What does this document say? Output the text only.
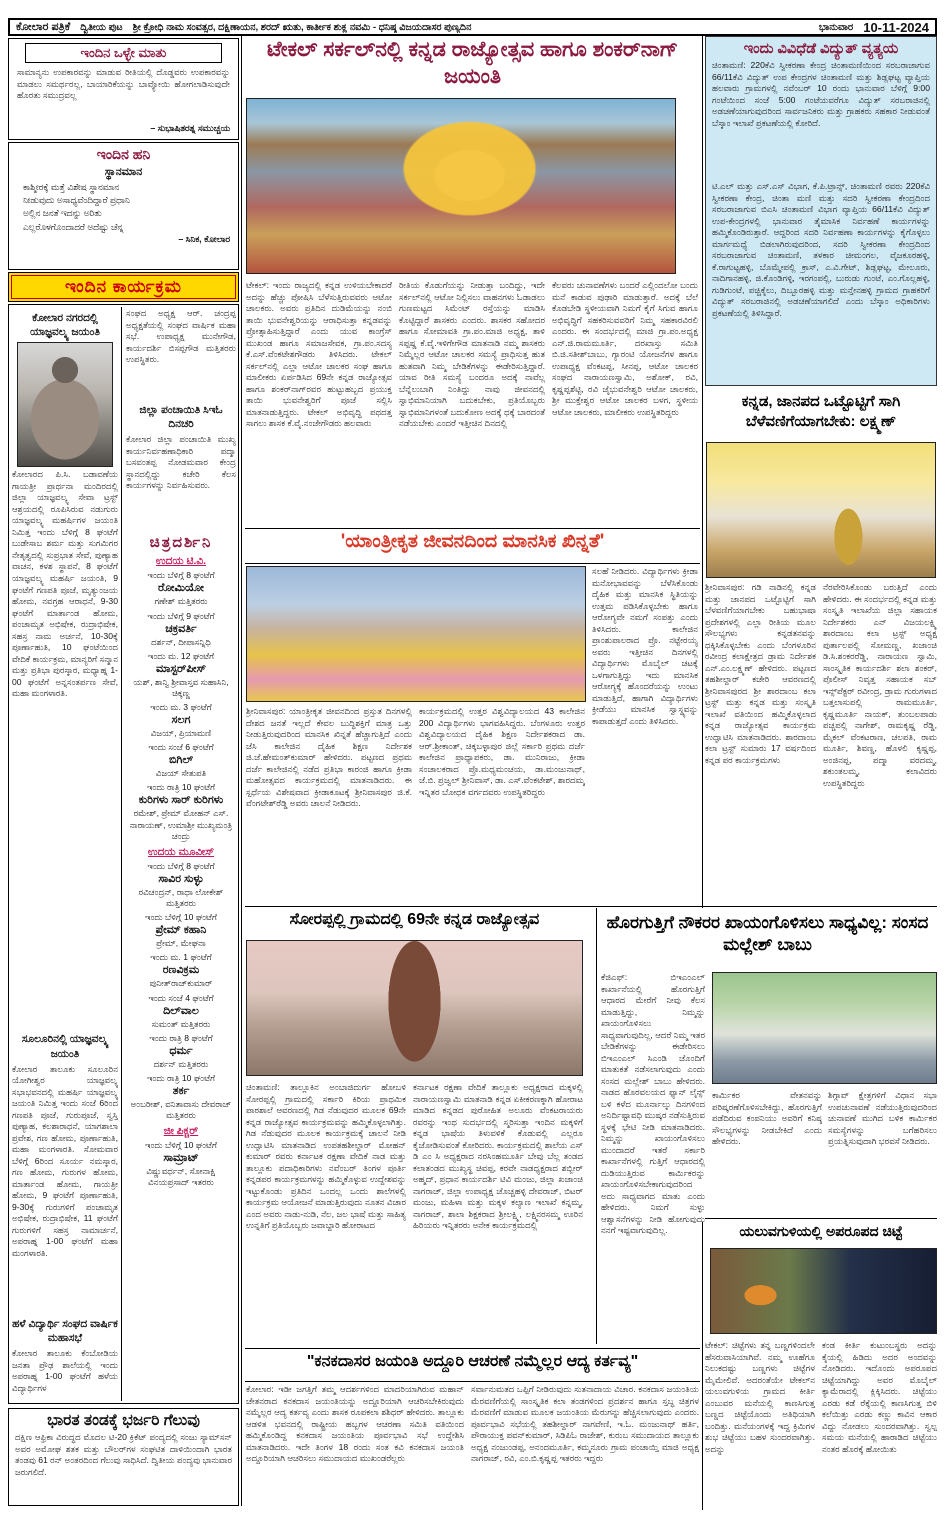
ಕೋಲಾರ ಪತ್ರಿಕೆ ದ್ವಿತೀಯ ಪುಟ ಶ್ರೀ ಕ್ರೋಧಿ ನಾಮ ಸಂವತ್ಸರ, ದಕ್ಷಿಣಾಯನ, ಶರದ್ ಋತು, ಕಾರ್ತೀಕ ಶುಕ್ಲ ನವಮಿ - ಧನಿಷ್ಠ ವಿಜಯದಾಸರ ಪುಣ್ಯದಿನ	ಭಾನುವಾರ 10-11-2024
ಇಂದಿನ ಒಳ್ಳೇ ಮಾತು
ಸಾಮಾನ್ಯನು ಉಪಕಾರವನ್ನು ಮಾಡುವ ರೀತಿಯಲ್ಲಿ ದೊಡ್ಡವರು ಉಪಕಾರವನ್ನು ಮಾಡಲು ಸಮರ್ಥರಲ್ಲ, ಬಾಯಾರಿಕೆಯನ್ನು ಬಾವ್ಯೋಯಿ ಹೋಗಲಾಡಿಸುವುದೇ ಹೊರತು ಸಮುದ್ರವಲ್ಲ
– ಸುಭಾಷಿತರತ್ನ ಸಮುಚ್ಚಯ
ಇಂದಿನ ಹನಿ
ಸ್ಥಾನಮಾನ
ಕಾಶ್ಮೀರಕ್ಕೆ ಮತ್ತೆ ವಿಶೇಷ ಸ್ಥಾನಮಾನ
ನೀಡುವುದು ಅಸಾಧ್ಯವೆಂದಿದ್ದಾರೆ ಪ್ರಧಾನಿ
ಅಲ್ಲಿನ ಜನತೆ ಇದನ್ನು ಅರಿತು
ಎಲ್ಲರೊಳಗೊಂದಾದರೆ ಅದೆಷ್ಟು ಚೆನ್ನ
– ಸಿನಿಕ, ಕೋಲಾರ
ಇಂದಿನ ಕಾರ್ಯಕ್ರಮ
ಕೋಲಾರ ನಗರದಲ್ಲಿ ಯಾಜ್ಞವಲ್ಕ್ಯ ಜಯಂತಿ
ಕೋಲಾರದ ಪಿ.ಸಿ. ಬಡಾವಣೆಯ ಗಾಯತ್ರೀ ಪ್ರಾರ್ಥನಾ ಮಂದಿರದಲ್ಲಿ ಜಿಲ್ಲಾ ಯಾಜ್ಞವಲ್ಕ್ಯ ಸೇವಾ ಟ್ರಸ್ಟ್ ಆಶ್ರಯದಲ್ಲಿ ರೂಪಿಸಿರುವ ನಡುಗುರು ಯಾಜ್ಞವಲ್ಕ್ಯ ಮಹರ್ಷಿಗಳ ಜಯಂತಿ ನಿಮಿತ್ತ ಇಂದು ಬೆಳಿಗ್ಗೆ 8 ಘಂಟೆಗೆ ಬುಡೇಸಾಬ ಶರ್ಮ ಮತ್ತು ಸುಗಮಿಗರ ನೇತೃತ್ವದಲ್ಲಿ ಸುಪ್ರಭಾತ ಸೇವೆ, ಪುಣ್ಯಾಹ ವಾಚನ, ಕಳಶ ಸ್ಥಾಪನೆ, 8 ಘಂಟೆಗೆ ಯಾಜ್ಞವಲ್ಕ್ಯ ಮಹರ್ಷಿ ಜಯಂತಿ, 9 ಘಂಟೆಗೆ ಗಣಪತಿ ಪೂಜೆ, ಮೃತ್ಯುಂಜಯ ಹೋಮ, ನವಗ್ರಹ ಆರಾಧನೆ, 9-30 ಘಂಟೆಗೆ ಮಾರ್ತಾಂಡ ಹೋಮ, ಪಂಚಾಮೃತ ಅಭಿಷೇಕ, ರುದ್ರಾಭಿಷೇಕ, ಸಹಸ್ರ ನಾಮ ಅರ್ಚನೆ, 10-30ಕ್ಕೆ ಪೂರ್ಣಾಹುತಿ, 10 ಘಂಟೆಯಿಂದ ವೇದಿಕೆ ಕಾರ್ಯಕ್ರಮ, ಮಾನ್ಯರಿಗೆ ಸನ್ಮಾನ ಮತ್ತು ಪ್ರತಿಭಾ ಪುರಸ್ಕಾರ, ಮಧ್ಯಾಹ್ನ 1-00 ಘಂಟೆಗೆ ಅನ್ನಸಂತರ್ಪಣ ಸೇವೆ, ಮಹಾ ಮಂಗಳಾರತಿ.
ಸೂಲೂರಿನಲ್ಲಿ ಯಾಜ್ಞವಲ್ಕ್ಯ ಜಯಂತಿ
ಕೋಲಾರ ತಾಲೂಕು ಸೂಲೂರಿನ ಯೋಗೀಶ್ವರ ಯಾಜ್ಞವಲ್ಕ್ಯ ಸಭಾಭವನದಲ್ಲಿ ಮಹರ್ಷಿ ಯಾಜ್ಞವಲ್ಕ್ಯ ಜಯಂತಿ ನಿಮಿತ್ತ ಇಂದು ಸಂಜೆ 6ರಿಂದ ಗಣಪತಿ ಪೂಜೆ, ಗುರುಪೂಜೆ, ಸ್ವಸ್ತಿ ಪುಣ್ಯಾಹ, ಕಲಶಾರಾಧನೆ, ಯಾಗಶಾಲಾ ಪ್ರವೇಶ, ಗಣ ಹೋಮ, ಪೂರ್ಣಾಹುತಿ, ಮಹಾ ಮಂಗಳಾರತಿ. ಸೋಮವಾರ ಬೆಳಿಗ್ಗೆ 6ರಿಂದ ಸೂರ್ಯ ನಮಸ್ಕಾರ, ಗಣ ಹೋಮ, ಗುರುಗಳ ಹೋಮ, ಮಾರ್ತಾಂಡ ಹೋಮ, ಗಾಯತ್ರೀ ಹೋಮ, 9 ಘಂಟೆಗೆ ಪೂರ್ಣಾಹುತಿ, 9-30ಕ್ಕೆ ಗುರುಗಳಿಗೆ ಪಂಚಾಮೃತ ಅಭಿಷೇಕ, ರುದ್ರಾಭಿಷೇಕ, 11 ಘಂಟೆಗೆ ಗುರುಗಳಿಗೆ ಸಹಸ್ರ ನಾಮಾರ್ಚನೆ, ಅಪರಾಹ್ನ 1-00 ಘಂಟೆಗೆ ಮಹಾ ಮಂಗಳಾರತಿ.
ಹಳೆ ವಿದ್ಯಾರ್ಥಿ ಸಂಘದ ವಾರ್ಷಿಕ ಮಹಾಸಭೆ
ಕೋಲಾರ ತಾಲೂಕು ಕೆಂಬೋಡಿಯ ಜನತಾ ಪ್ರೌಢ ಶಾಲೆಯಲ್ಲಿ ಇಂದು ಅಪರಾಹ್ನ 1-00 ಘಂಟೆಗೆ ಹಳೆಯ ವಿದ್ಯಾರ್ಥಿಗಳ
ಸಂಘದ ಅಧ್ಯಕ್ಷ ಆರ್. ಚಂದ್ರಪ್ಪ ಅಧ್ಯಕ್ಷತೆಯಲ್ಲಿ ಸಂಘದ ವಾರ್ಷಿಕ ಮಹಾ ಸಭೆ. ಉಪಾಧ್ಯಕ್ಷ ಮುನೇಗೌಡ, ಕಾರ್ಯದರ್ಶಿ ಬಿಸಪ್ಪಗೌಡ ಮತ್ತಿತರರು ಉಪಸ್ಥಿತರು.
ಜಿಲ್ಲಾ ಪಂಚಾಯಿತಿ ಸಿಇಓ ದಿನಚರಿ
ಕೋಲಾರ ಜಿಲ್ಲಾ ಪಂಚಾಯಿತಿ ಮುಖ್ಯ ಕಾರ್ಯನಿರ್ವಹಣಾಧಿಕಾರಿ ಪದ್ಮಾ ಬಸವಂತಪ್ಪ ನೋಡಮವಾರ ಕೇಂದ್ರ ಸ್ಥಾನದಲ್ಲಿದ್ದು ಕಚೇರಿ ಕೆಲಸ ಕಾರ್ಯಗಳನ್ನು ನಿರ್ವಹಿಸುವರು.
ಚಿತ್ರದರ್ಶಿನಿ
ಉದಯ ಟಿ.ವಿ.
ಇಂದು ಬೆಳಿಗ್ಗೆ 8 ಘಂಟೆಗೆ
ರೋಮಿಯೋ
ಗಣೇಶ್ ಮತ್ತಿತರರು
ಇಂದು ಬೆಳಿಗ್ಗೆ 9 ಘಂಟೆಗೆ
ಚಕ್ರವರ್ತಿ
ದರ್ಶನ್, ದೀಪಾಸನ್ನಿಧಿ
ಇಂದು ಮ. 12 ಘಂಟೆಗೆ
ಮಾಸ್ಟರ್‌ಪೀಸ್
ಯಶ್, ಶಾನ್ವಿ ಶ್ರೀವಾಸ್ತವ ಸುಹಾಸಿನಿ, ಚಿಕ್ಕಣ್ಣ
ಇಂದು ಮ. 3 ಘಂಟೆಗೆ
ಸಲಗ
ವಿಜಯ್, ಪ್ರಿಯಾಮಣಿ
ಇಂದು ಸಂಜೆ 6 ಘಂಟೆಗೆ
ಬಿಗಿಲ್
ವಿಜಯ್ ಸೇತುಪತಿ
ಇಂದು ರಾತ್ರಿ 10 ಘಂಟೆಗೆ
ಕುರಿಗಳು ಸಾರ್ ಕುರಿಗಳು
ರಮೇಶ್, ಪ್ರೇಮ್ ಮೋಹನ್ ಎಸ್. ನಾರಾಯಣ್, ಉಮಾಶ್ರೀ ಮುಖ್ಯಮಂತ್ರಿ ಚಂದ್ರು
ಉದಯ ಮೂವೀಸ್
ಇಂದು ಬೆಳಿಗ್ಗೆ 8 ಘಂಟೆಗೆ
ಸಾವಿರ ಸುಳ್ಳು
ರವಿಚಂದ್ರನ್, ರಾಧಾ ಲೋಕೇಶ್ ಮತ್ತಿತರರು
ಇಂದು ಬೆಳಿಗ್ಗೆ 10 ಘಂಟೆಗೆ
ಪ್ರೇಮ್ ಕಹಾನಿ
ಪ್ರೇಮ್, ಮೇಘನಾ
ಇಂದು ಮ. 1 ಘಂಟೆಗೆ
ರಣವಿಕ್ರಮ
ಪುನೀತ್‌ರಾಜ್‌ಕುಮಾರ್
ಇಂದು ಸಂಜೆ 4 ಘಂಟೆಗೆ
ದಿಲ್‌ವಾಲ
ಸುಮಂತ್ ಮತ್ತಿತರರು
ಇಂದು ರಾತ್ರಿ 8 ಘಂಟೆಗೆ
ಧರ್ಮ
ದರ್ಶನ್ ಮತ್ತಿತರರು
ಇಂದು ರಾತ್ರಿ 10 ಘಂಟೆಗೆ
ತರ್ಕ
ಅಂಬರೀಶ್, ವನಿತಾವಾಸು ದೇವರಾಜ್ ಮತ್ತಿತರರು
ಜೀ ಪಿಕ್ಚರ್
ಇಂದು ಬೆಳಿಗ್ಗೆ 10 ಘಂಟೆಗೆ
ಸಾಮ್ರಾಟ್
ವಿಷ್ಣುವರ್ಧನ್, ಸೋನಾಕ್ಷಿ ವಿನಯಪ್ರಸಾದ್ ಇತರರು
ಭಾರತ ತಂಡಕ್ಕೆ ಭರ್ಜರಿ ಗೆಲುವು
ದಕ್ಷಿಣ ಆಫ್ರಿಕಾ ವಿರುದ್ಧದ ಮೊದಲ ಟಿ-20 ಕ್ರಿಕೆಟ್ ಪಂದ್ಯದಲ್ಲಿ ಸಂಜು ಸ್ಯಾಮ್‌ಸನ್ ಅವರ ಅಮೋಘ ಶತಕ ಮತ್ತು ಬೌಲರ್‌ಗಳ ಸಂಘಟಿತ ದಾಳಿಯಿಂದಾಗಿ ಭಾರತ ತಂಡವು 61 ರನ್ ಅಂತರದಿಂದ ಗೆಲುವು ಸಾಧಿಸಿದೆ. ದ್ವಿತೀಯ ಪಂದ್ಯವು ಭಾನುವಾರ ಜರುಗಲಿದೆ.
ಟೇಕಲ್ ಸರ್ಕಲ್‌ನಲ್ಲಿ ಕನ್ನಡ ರಾಜ್ಯೋತ್ಸವ ಹಾಗೂ ಶಂಕರ್‌ನಾಗ್ ಜಯಂತಿ
ಟೇಕಲ್: ಇಂದು ರಾಜ್ಯದಲ್ಲಿ ಕನ್ನಡ ಉಳಿಯಬೇಕಾದರೆ ಅದನ್ನು ಹೆಚ್ಚು ಪೋಷಿಸಿ ಬೆಳೆಸುತ್ತಿರುವವರು ಆಟೋ ಚಾಲಕರು. ಅವರು ಪ್ರತಿದಿನ ದುಡಿಮೆಯನ್ನು ನಂಬಿ ತಾಯಿ ಭುವನೇಶ್ವರಿಯನ್ನು ಆರಾಧಿಸುತ್ತಾ ಕನ್ನಡವನ್ನು ಪ್ರೋತ್ಸಾಹಿಸುತ್ತಿದ್ದಾರೆ ಎಂದು ಯುವ ಕಾಂಗ್ರೆಸ್ ಮುಖಂಡ ಹಾಗೂ ಸಮಾಜಸೇವಕ, ಗ್ರಾ.ಪಂ.ಸದಸ್ಯ ಕೆ.ಎಸ್.ವೆಂಕಟೇಶಗೌಡರು ತಿಳಿಸಿದರು. ಟೇಕಲ್ ಸರ್ಕಲ್‌ನಲ್ಲಿ ಎಲ್ಲಾ ಆಟೋ ಚಾಲಕರ ಸಂಘ ಹಾಗೂ ಮಾಲೀಕರು ಏರ್ಪಡಿಸಿದ 69ನೇ ಕನ್ನಡ ರಾಜ್ಯೋತ್ಸವ ಹಾಗೂ ಶಂಕರ್‌ನಾಗ್‌ರವರ ಹುಟ್ಟುಹಬ್ಬದ ಪ್ರಯುಕ್ತ ತಾಯಿ ಭುವನೇಶ್ವರಿಗೆ ಪೂಜೆ ಸಲ್ಲಿಸಿ ಮಾತನಾಡುತ್ತಿದ್ದರು. ಟೇಕಲ್ ಅಭಿವೃದ್ಧಿ ಪಥದತ್ತ ಸಾಗಲು ಶಾಸಕ ಕೆ.ವೈ.ನಂಜೇಗೌಡರು ಹಲವಾರು
ರೀತಿಯ ಕೊಡುಗೆಯನ್ನು ನೀಡುತ್ತಾ ಬಂದಿದ್ದು, ಇದೇ ಸರ್ಕಲ್‌ನಲ್ಲಿ ಆಟೋ ನಿಲ್ಲಿಸಲು ವಾಹನಗಳು ಓಡಾಡಲು ಗುಣಮಟ್ಟದ ಸಿಮೆಂಟ್ ರಸ್ತೆಯನ್ನು ಮಾಡಿಸಿ ಕೊಟ್ಟಿದ್ದಾರೆ ಶಾಸಕರು ಎಂದರು. ಶಾಸಕರ ಸಹೋದರ ಹಾಗೂ ಸೋಮಾವತಿ ಗ್ರಾ.ಪಂ.ಮಾಜಿ ಅಧ್ಯಕ್ಷ, ತಾಳಿ ಸಪ್ಪಷ್ಣ ಕೆ.ವೈ.ಇಳಿಗೇಗೌಡ ಮಾತನಾಡಿ ನಮ್ಮ ಶಾಸಕರು ನಿಮ್ಮೆಲ್ಲರ ಆಟೋ ಚಾಲಕರ ಸಮಸ್ಯೆ ಪ್ರಾಧಿಸುತ್ತ ಹುತ ಹುತವಾಗಿ ನಿಮ್ಮ ಬೇಡಿಕೆಗಳನ್ನು ಈಡೇರಿಸುತ್ತಿದ್ದಾರೆ. ಯಾವ ರೀತಿ ಸಮಸ್ಯೆ ಬಂದರೂ ಅದಕ್ಕೆ ನಾವೆಲ್ಲ ಬೆನ್ನೆಲುಬಾಗಿ ನಿಂತಿದ್ದು ನಾವು ಜೀವನದಲ್ಲಿ ಸ್ವಾಭಿಮಾನಿಯಾಗಿ ಬದುಕಬೇಕು, ಪ್ರತಿಯೊಬ್ಬರು ಸ್ವಾಭಿಮಾನಿಗಳಂತೆ ಬದುಕೋಣ ಅದಕ್ಕೆ ಧಕ್ಕೆ ಬಾರದಂತೆ ನಡೆಯಬೇಕು ಎಂದರೆ ಇತ್ತೀಚಿನ ದಿನದಲ್ಲಿ
ಕೆಲವರು ಚುನಾವಣೆಗಳು ಬಂದರೆ ಎಲ್ಲಿಂದಲೋ ಬಂದು ಮನೆ ಕಾಡುವ ಪುಢಾರಿ ಮಾಡುತ್ತಾರೆ. ಅದಕ್ಕೆ ಬೆಲೆ ಕೊಡಬೇಡಿ ಸ್ಥಳೀಯವಾಗಿ ನಿಮಗೆ ಕೈಗೆ ಸಿಗುವ ಹಾಗೂ ಅಭಿವೃದ್ಧಿಗೆ ಸಹಕರಿಸುವವರಿಗೆ ನಿಮ್ಮ ಸಹಕಾರವಿರಲಿ ಎಂದರು. ಈ ಸಂದರ್ಭದಲ್ಲಿ ಮಾಜಿ ಗ್ರಾ.ಪಂ.ಅಧ್ಯಕ್ಷ ಎನ್.ಜಿ.ರಾಮಮೂರ್ತಿ, ದರಖಾಸ್ತು ಸಮಿತಿ ಬಿ.ಜಿ.ಸತೀಶ್‌ಬಾಬು, ಗ್ಯಾರಂಟಿ ಯೋಜನೆಗಳ ಹಾಗೂ ಉಪಾಧ್ಯಕ್ಷ ವೆಂಕಟಪ್ಪ, ಸೀನಪ್ಪ, ಆಟೋ ಚಾಲಕರ ಸಂಘದ ನಾರಾಯಣಸ್ವಾಮಿ, ಅಶೋಕ್, ರವಿ, ಕೃಷ್ಣಪ್ಪಶೆಟ್ಟಿ, ರವಿ ಜೈಭುವನೇಶ್ವರಿ ಆಟೋ ಚಾಲಕರು, ಶ್ರೀ ಮುಕ್ತೇಶ್ವರ ಆಟೋ ಚಾಲಕರ ಬಳಗ, ಸ್ಥಳೀಯ ಆಟೋ ಚಾಲಕರು, ಮಾಲೀಕರು ಉಪಸ್ಥಿತರಿದ್ದರು
'ಯಾಂತ್ರೀಕೃತ ಜೀವನದಿಂದ ಮಾನಸಿಕ ಖಿನ್ನತೆ'
ಸಲಹೆ ನೀಡಿದರು. ವಿದ್ಯಾರ್ಥಿಗಳು ಕ್ರೀಡಾ ಮನೋಭಾವವನ್ನು ಬೆಳೆಸಿಕೊಂಡು ದೈಹಿಕ ಮತ್ತು ಮಾನಸಿಕ ಸ್ಥಿತಿಯನ್ನು ಉತ್ತಮ ಪಡಿಸಿಕೊಳ್ಳಬೇಕು ಹಾಗೂ ಆರೋಗ್ಯವೇ ನಮಗೆ ಸಂಪತ್ತು ಎಂದು ತಿಳಿಸಿದರು. ಕಾಲೇಜಿನ ಪ್ರಾಂಶುಪಾಲರಾದ ಪ್ರೊ. ನಟ್ಟೇರಯ್ಯ ಅವರು ಇತ್ತೀಚಿನ ದಿನಗಳಲ್ಲಿ ವಿದ್ಯಾರ್ಥಿಗಳು ಮೊಬೈಲ್ ಚಟಕ್ಕೆ ಒಳಗಾಗುತ್ತಿದ್ದು ಇದು ಮಾನಸಿಕ ಆರೋಗ್ಯಕ್ಕೆ ಹೊಂದರೆಯನ್ನು ಉಂಟು ಮಾಡುತ್ತಿದೆ, ಹಾಗಾಗಿ ವಿದ್ಯಾರ್ಥಿಗಳು ಕ್ರೀಡೆಯು ಮಾನಸಿಕ ಸ್ವಾಸ್ಥ್ಯವನ್ನು ಕಾಪಾಡುತ್ತದೆ ಎಂದು ತಿಳಿಸಿದರು.
ಶ್ರೀನಿವಾಸಪುರ: ಯಾಂತ್ರೀಕೃತ ಜೀವನದಿಂದ ಪ್ರಸ್ತುತ ದಿನಗಳಲ್ಲಿ ದೇಶದ ಜನತೆ ಇಲ್ಲದೆ ಕೇವಲ ಬುದ್ಧಿಶಕ್ತಿಗೆ ಮಾತ್ರ ಒತ್ತು ನೀಡುತ್ತಿರುವುದರಿಂದ ಮಾನಸಿಕ ಖಿನ್ನತೆ ಹೆಚ್ಚಾಗುತ್ತಿದೆ ಎಂದು ಜೆಸಿ ಕಾಲೇಜಿನ ದೈಹಿಕ ಶಿಕ್ಷಣ ನಿರ್ದೇಶಕ ಜಿ.ಜೆ.ಹೇಮಂತ್‌ಕುಮಾರ್ ಹೇಳಿದರು. ಪಟ್ಟಣದ ಪ್ರಥಮ ದರ್ಜೆ ಕಾಲೇಜಿನಲ್ಲಿ ನಡೆದ ಪ್ರತಿಭಾ ಕಾರಂಜಿ ಹಾಗೂ ಕ್ರೀಡಾ ಮಹೋತ್ಸವದ ಕಾರ್ಯಕ್ರಮದಲ್ಲಿ ಮಾತನಾಡಿದರು. ಈ ಸ್ಪರ್ಧೆಯ ವಿಶೇಷವಾದ ಕ್ರೀಡಾಕೂಟಕ್ಕೆ ಶ್ರೀನಿವಾಸಪುರ ಜಿ.ಕೆ. ವೆಂಗಟೇಶ್‌ರೆಡ್ಡಿ ಅವರು ಚಾಲನೆ ನೀಡಿದರು.
ಕಾರ್ಯಕ್ರಮದಲ್ಲಿ ಉತ್ತರ ವಿಶ್ವವಿದ್ಯಾಲಯದ 43 ಕಾಲೇಜಿನ 200 ವಿದ್ಯಾರ್ಥಿಗಳು ಭಾಗವಹಿಸಿದ್ದರು. ಬೆಂಗಳೂರು ಉತ್ತರ ವಿಶ್ವವಿದ್ಯಾಲಯದ ದೈಹಿಕ ಶಿಕ್ಷಣ ನಿರ್ದೇಶಕರಾದ ಡಾ. ಆರ್.ಶ್ರೀಕಾಂತ್, ಚಿಕ್ಕಬಳ್ಳಾಪುರ ಜಿಲ್ಲೆ ಸರ್ಕಾರಿ ಪ್ರಥಮ ದರ್ಜೆ ಕಾಲೇಜಿನ ಪ್ರಾಧ್ಯಾಪಕರು, ಡಾ. ಮುನಿರಾಜು, ಕ್ರೀಡಾ ಸಂಚಾಲಕರಾದ ಪ್ರೊ.ಮಧ್ಯಮಂಚಯ, ಡಾ.ಮಂಜುನಾಥ್, ಜೆ.ಬಿ. ಪ್ರಜ್ವಲ್ ಶ್ರೀನಿವಾಸ್, ಡಾ. ಎಸ್.ವೆಂಕಟೇಶ್, ಶಾರದಮ್ಮ ಇನ್ನಿತರ ಬೋಧಕ ವರ್ಗದವರು ಉಪಸ್ಥಿತರಿದ್ದರು
ಸೋರಪ್ಪಲ್ಲಿ ಗ್ರಾಮದಲ್ಲಿ 69ನೇ ಕನ್ನಡ ರಾಜ್ಯೋತ್ಸವ
ಚಿಂತಾಮಣಿ: ತಾಲ್ಲೂಕಿನ ಅಂಬಾಜಿದುರ್ಗ ಹೋಬಳಿ ಸೋರಪ್ಪಲ್ಲಿ ಗ್ರಾಮದಲ್ಲಿ ಸರ್ಕಾರಿ ಕಿರಿಯ ಪ್ರಾಥಮಿಕ ಪಾಠಶಾಲೆ ಆವರಣದಲ್ಲಿ ಗಿಡ ನೆಡುವುದರ ಮೂಲಕ 69ನೇ ಕನ್ನಡ ರಾಜ್ಯೋತ್ಸವ ಕಾರ್ಯಕ್ರಮವನ್ನು ಹಮ್ಮಿಕೊಳ್ಳಲಾಗಿತ್ತು. ಗಿಡ ನೆಡುವುದರ ಮೂಲಕ ಕಾರ್ಯಕ್ರಮಕ್ಕೆ ಚಾಲನೆ ನೀಡಿ ಉದ್ಘಾಟಿಸಿ ಮಾತನಾಡಿದ ಉಪತಹಶೀಲ್ದಾರ್ ಮೋಹನ್ ಕುಮಾರ್ ರವರು ಕರ್ನಾಟಕ ರಕ್ಷಣಾ ವೇದಿಕೆ ನಾಡ ಮತ್ತು ತಾಲ್ಲೂಕು ಪದಾಧಿಕಾರಿಗಳು ನವೆಂಬರ್ ತಿಂಗಳ ಪೂರ್ತಿ ಕನ್ನಡಪರ ಕಾರ್ಯಕ್ರಮಗಳನ್ನು ಹಮ್ಮಿಕೊಳ್ಳುವ ಉದ್ದೇಶವನ್ನು ಇಟ್ಟುಕೊಂಡು ಪ್ರತಿದಿನ ಒಂದಲ್ಲ ಒಂದು ಶಾಲೆಗಳಲ್ಲಿ ಕಾರ್ಯಕ್ರಮ ಆಯೋಜನೆ ಮಾಡುತ್ತಿರುವುದು ನೂತನ ವಿಚಾರ ಎಂದ ಅವರು ನಾಡು-ನುಡಿ, ನೆಲ, ಜಲ ಭಾಷೆ ಮತ್ತು ಸಾಹಿತ್ಯ ಉನ್ನತಿಗೆ ಪ್ರತಿಯೊಬ್ಬರು ಜವಾಬ್ದಾರಿ ಹೋರಾಟದ
ಕರ್ನಾಟಕ ರಕ್ಷಣಾ ವೇದಿಕೆ ತಾಲ್ಲೂಕು ಅಧ್ಯಕ್ಷರಾದ ಮಕ್ಕಳಲ್ಲಿ ನಾರಾಯಣಸ್ವಾಮಿ ಮಾತನಾಡಿ ಕನ್ನಡ ಏಕೀಕರಣಕ್ಕಾಗಿ ಹೋರಾಟ ಮಾಡಿದ ಕನ್ನಡದ ಪುರೋಹಿತ ಅಲೂರು ವೆಂಕಟರಾಯರು ರವರನ್ನು ಇಂಥ ಸುದರ್ಭದಲ್ಲಿ ಸ್ಮರಿಸುತ್ತಾ ಇಂದಿನ ಮಕ್ಕಳಿಗೆ ಕನ್ನಡ ಭಾಷೆಯ ತಿಳುವಳಿಕೆ ಕೊಡುವಲ್ಲಿ ಎಲ್ಲರೂ ಕೈಜೋಡಿಸುವಂತೆ ಕೋರಿದರು. ಕಾರ್ಯಕ್ರಮದಲ್ಲಿ ಶಾಲೆಯ ಎಸ್ ಡಿ ಎಂ ಸಿ ಅಧ್ಯಕ್ಷರಾದ ನರಸಿಂಹಮೂರ್ತಿ ಬೇವು ಬೆಲ್ಲ ತಂಡದ ಕಲಾತಂಡದ ಮುಖ್ಯಸ್ಥ ಚಿವಪ್ಪ, ಕರವೇ ನಾಡಧ್ಯಕ್ಷರಾದ ಶಬ್ಬೀರ್ ಅಹ್ಮದ್, ಪ್ರಧಾನ ಕಾರ್ಯದರ್ಶಿ ಟಿವಿ ಮಂಜು, ಜಿಲ್ಲಾ ಖಜಾಂಚಿ ನಾಗರಾಜ್, ಜಿಲ್ಲಾ ಉಪಾಧ್ಯಕ್ಷ ಚೊಚ್ಚಹಳ್ಳಿ ದೇವರಾಜ್, ಬಿಟರ್ ಮಂಜು, ಮಹಿಳಾ ಮತ್ತು ಮಕ್ಕಳ ಕಲ್ಯಾಣ ಇಲಾಖೆ ಕನ್ನಮ್ಮ, ನಾಗರಾಜ್, ಶಾಲಾ ಶಿಕ್ಷಕರಾದ ಶ್ರೀಲಕ್ಷ್ಮಿ, ಲಕ್ಷ್ಮಿನರಸಮ್ಮ ಊರಿನ ಹಿರಿಯರು ಇನ್ನಿತರರು ಅನೇಕ ಕಾರ್ಯಕ್ರಮದಲ್ಲಿ
"ಕನಕದಾಸರ ಜಯಂತಿ ಅದ್ದೂರಿ ಆಚರಣೆ ನಮ್ಮೆಲ್ಲರ ಆದ್ಯ ಕರ್ತವ್ಯ"
ಕೋಲಾರ: ಇಡೀ ಜಗತ್ತಿಗೆ ತಮ್ಮ ಆದರ್ಶಗಳಿಂದ ಮಾದರಿಯಾಗಿರುವ ಮಹಾನ್ ಚೇತನರಾದ ಕನಕದಾಸ ಜಯಂತಿಯನ್ನು ಅದ್ದೂರಿಯಾಗಿ ಆಚರಿಸಬೇಕಿರುವುದು ನಮ್ಮೆಲ್ಲರ ಆದ್ಯ ಕರ್ತವ್ಯ ಎಂದು ಶಾಸಕ ರೂಪಕಲಾ ಶಶಿಧರ್ ಹೇಳಿದರು. ತಾಲ್ಲೂಕು ಆಡಳಿತ ಭವನದಲ್ಲಿ ರಾಷ್ಟ್ರೀಯ ಹಬ್ಬಗಳ ಆಚರಣಾ ಸಮಿತಿ ವತಿಯಿಂದ ಹಮ್ಮಿಕೊಂಡಿದ್ದ ಕನಕದಾಸ ಜಯಂತಿಯ ಪೂರ್ವಭಾವಿ ಸಭೆ ಉದ್ದೇಶಿಸಿ ಮಾತನಾಡಿದರು. ಇದೇ ತಿಂಗಳ 18 ರಂದು ಸಂತ ಕವಿ ಕನಕದಾಸ ಜಯಂತಿ ಅದ್ದೂರಿಯಾಗಿ ಆಚರಿಸಲು ಸಮುದಾಯದ ಮುಖಂಡರೆಲ್ಲರು
ಸರ್ವಾನುಮತದ ಒಪ್ಪಿಗೆ ನೀಡಿರುವುದು ಸುತನಾದಾಯ ವಿಚಾರ. ಕನಕದಾಸ ಜಯಂತಿಯ ಮೆರವಣಿಗೆಯಲ್ಲಿ ಸಾಂಸ್ಕೃತಿಕ ಕಲಾ ತಂಡಗಳಿಂದ ಪ್ರದರ್ಶನ ಹಾಗೂ ಸ್ತಬ್ಧ ಚಿತ್ರಗಳ ಮೆರವಣಿಗೆ ಮಾಡುವ ಮೂಲಕ ಜಯಂತಿಯ ಮೆರುಗನ್ನು ಹೆಚ್ಚಿಸಲಾಗುವುದು ಎಂದರು. ಪೂರ್ವಭಾವಿ ಸಭೆಯಲ್ಲಿ ತಹಶೀಲ್ದಾರ್ ನಾಗವೇಣಿ, ಇ.ಓ. ಮಂಜುನಾಥ್ ಹರ್ತಿ, ಪೌರಾಯುಕ್ತ ಪವನ್‌ಕುಮಾರ್, ಸಿಡಿಪಿಓ ರಾಜೇಶ್, ಕುರುಬ ಸಮುದಾಯದ ತಾಲ್ಲೂಕು ಅಧ್ಯಕ್ಷ ನಂಜುಂಡಪ್ಪ, ಅನಂದಮೂರ್ತಿ, ಕಮ್ಮನೂರು ಗ್ರಾಮ ಪಂಚಾಯ್ತಿ ಮಾಜಿ ಅಧ್ಯಕ್ಷ ನಾಗರಾಜ್, ರವಿ, ಎಂ.ಬಿ.ಕೃಷ್ಣಪ್ಪ ಇತರರು ಇದ್ದರು
ಇಂದು ವಿವಿಧೆಡೆ ವಿದ್ಯುತ್ ವ್ಯತ್ಯಯ
ಚಿಂತಾಮಣಿ: 220ಕೆವಿ ಸ್ವೀಕರಣಾ ಕೇಂದ್ರ ಚಿಂತಾಮಣಿಯಿಂದ ಸರಬರಾಜಾಗುವ 66/11ಕೆವಿ ವಿದ್ಯುತ್ ಉಪ ಕೇಂದ್ರಗಳ ಚಿಂತಾಮಣಿ ಮತ್ತು ಶಿಡ್ಲಘಟ್ಟ ವ್ಯಾಪ್ತಿಯ ಹಲವಾರು ಗ್ರಾಮಗಳಲ್ಲಿ ನವೆಂಬರ್ 10 ರಂದು ಭಾನುವಾರ ಬೆಳಿಗ್ಗೆ 9:00 ಗಂಟೆಯಿಂದ ಸಂಜೆ 5:00 ಗಂಟೆಯವರೆಗೂ ವಿದ್ಯುತ್ ಸರಬರಾಜಿನಲ್ಲಿ ಅಡಚಣೆಯಾಗುವುದರಿಂದ ಸಾರ್ವಜನಿಕರು ಮತ್ತು ಗ್ರಾಹಕರು ಸಹಕಾರ ನೀಡುವಂತೆ ಬೆಸ್ಕಾಂ ಇಲಾಖೆ ಪ್ರಕಟಣೆಯಲ್ಲಿ ಕೋರಿದೆ.
ಟಿ.ಎಲ್ ಮತ್ತು ಎಸ್.ಎಸ್ ವಿಭಾಗ, ಕೆ.ಪಿ.ಟ್ರಾನ್ಸ್, ಚಿಂತಾಮಣಿ ರವರು 220ಕೆವಿ ಸ್ವೀಕರಣಾ ಕೇಂದ್ರ, ಚಿಂತಾ ಮಣಿ ಮತ್ತು ಸದರಿ ಸ್ವೀಕರಣಾ ಕೇಂದ್ರದಿಂದ ಸರಬರಾಜಾಗುವ ಬಿಎಸಿ ಚಿಂತಾಮಣಿ ವಿಭಾಗ ವ್ಯಾಪ್ತಿಯ 66/11ಕೆವಿ ವಿದ್ಯುತ್ ಉಪ-ಕೇಂದ್ರಗಳಲ್ಲಿ ಭಾನುವಾರ ತೈಮಾಸಿಕ ನಿರ್ವಹಣೆ ಕಾರ್ಯಗಳನ್ನು ಹಮ್ಮಿಕೊಂಡಿರುತ್ತಾರೆ. ಆದ್ದರಿಂದ ಸದರಿ ನಿರ್ವಹಣಾ ಕಾರ್ಯಗಳನ್ನು ಕೈಗೊಳ್ಳಲು ಮಾರ್ಗಮಧ್ಯೆ ಬಿಡಲಾಗಿರುವುದರಿಂದ, ಸದರಿ ಸ್ವೀಕರಣಾ ಕೇಂದ್ರದಿಂದ ಸರಬರಾಜಾಗುವ ಚಿಂತಾಮಣಿ, ತಳಕಾರ ಚೀಮಂಗಲ, ವೈಜಕೂರಹಳ್ಳಿ, ಕೆ.ರಾಗುಟ್ಟಹಳ್ಳಿ, ಬೊಮ್ಮೇಪಲ್ಲಿ ಕ್ರಾಸ್, ಎ.ವಿ.ಗೇಟ್, ಶಿಡ್ಲಘಟ್ಟ, ಮೇಲೂರು, ನಾದಿಗಾನಹಳ್ಳಿ, ಜಿ.ಕೊಂಡಿಗಳ್ಳಿ, ಇರಗಂಪಲ್ಲಿ, ಬುರುಡು ಗುಂಟೆ, ಎಂ.ಗೊಲ್ಲಹಳ್ಳಿ, ಗುಡಿಗುಂಟೆ, ಪಚ್ಚಿಕೈಲು, ದಿಬ್ಬೂರಹಳ್ಳಿ ಮತ್ತು ಮನ್ತೇನಹಳ್ಳಿ ಗ್ರಾಮದ ಗ್ರಾಹಕರಿಗೆ ವಿದ್ಯುತ್ ಸರಬರಾಜಿನಲ್ಲಿ ಅಡಚಣೆಯಾಗಲಿದೆ ಎಂದು ಬೆಸ್ಕಾಂ ಅಧಿಕಾರಿಗಳು ಪ್ರಕಟಣೆಯಲ್ಲಿ ತಿಳಿಸಿದ್ದಾರೆ.
ಕನ್ನಡ, ಜಾನಪದ ಒಟ್ಟೊಟ್ಟಿಗೆ ಸಾಗಿ ಬೆಳೆವಣಿಗೆಯಾಗಬೇಕು: ಲಕ್ಷ್ಮಣ್
ಶ್ರೀನಿವಾಸಪುರ: ಗಡಿ ನಾಡಿನಲ್ಲಿ ಕನ್ನಡ ಮತ್ತು ಜಾನಪದ ಒಟ್ಟೊಟ್ಟಿಗೆ ಸಾಗಿ ಬೆಳವಣಿಗೆಯಾಗಬೇಕು ಬಹುಭಾಷಾ ಪ್ರದೇಶಗಳಲ್ಲಿ ಎಲ್ಲಾ ರೀತಿಯ ಮೂಲ ಸೌಲಭ್ಯಗಳು ಕನ್ನಡತನವನ್ನು ಧಕ್ಕಿಸಿಕೊಳ್ಳಬೇಕು ಎಂದು ಬೆಂಗಳೂರಿನ ರವೀಂದ್ರ ಕಲಾಕ್ಷೇತ್ರದ ಡ್ರಾಮ ನಿರ್ದೇಶಕ ಎನ್.ಎಂ.ಲಕ್ಷ್ಮಣ್ ಹೇಳಿದರು. ಪಟ್ಟಣದ ತಹಶೀಲ್ದಾರ್ ಕಚೇರಿ ಆವರಣದಲ್ಲಿ ಶ್ರೀನಿವಾಸಪುರದ ಶ್ರೀ ಶಾರದಾಂಬ ಕಲಾ ಟ್ರಸ್ಟ್ ಮತ್ತು ಕನ್ನಡ ಮತ್ತು ಸಂಸ್ಕೃತಿ ಇಲಾಖೆ ವತಿಯಿಂದ ಹಮ್ಮಿಕೊಳ್ಳಲಾದ ಕನ್ನಡ ರಾಜ್ಯೋತ್ಸವ ಕಾರ್ಯಕ್ರಮ ಉದ್ಘಾಟಿಸಿ ಮಾತನಾಡಿದರು. ಶಾರದಾಂಬ ಕಲಾ ಟ್ರಸ್ಟ್ ಸುಮಾರು 17 ವರ್ಷದಿಂದ ಕನ್ನಡ ಪರ ಕಾರ್ಯಕ್ರಮಗಳು
ನೆರವೇರಿಸಿಕೊಂಡು ಬರುತ್ತಿದೆ ಎಂದು ಹೇಳಿದರು. ಈ ಸಂದರ್ಭದಲ್ಲಿ ಕನ್ನಡ ಮತ್ತು ಸಂಸ್ಕೃತಿ ಇಲಾಖೆಯ ಜಿಲ್ಲಾ ಸಹಾಯಕ ನಿರ್ದೇಶಕರು ಎನ್ ವಿಜಯಲಕ್ಷ್ಮಿ ಶಾರದಾಂಬ ಕಲಾ ಟ್ರಸ್ಟ್ ಅಧ್ಯಕ್ಷ ಪುರ್ತಾಲಪಲ್ಲಿ ಸೋಮಣ್ಣ, ಖಜಾಂಚಿ ಡಿ.ಸಿ.ಶಂಕರರೆಡ್ಡಿ, ನಾರಾಯಣ ಸ್ವಾಮಿ, ಸಾಂಸ್ಕೃತಿಕ ಕಾರ್ಯದರ್ಶಿ ಶಲಾ ಶಂಕರ್, ಪೊಲೀಸ್ ನಿವೃತ್ತ ಸಹಾಯಕ ಸಬ್ ಇನ್ಸ್‌ಪೆಕ್ಟರ್ ರವೀಂದ್ರ, ಡ್ರಾಮ ಗುರುಗಳಾದ ಬತ್ತಲಾಸುಪಲ್ಲಿ ರಾಮಮೂರ್ತಿ, ಕೃಷ್ಣಮೂರ್ತಿ ನಾಯಕ್, ತುಂಬಲಪಾಡು ಪಚ್ಚಪಲ್ಲಿ ನಾಗೇಶ್, ರಾಮಕೃಷ್ಣ ರೆಡ್ಡಿ, ಮೈಕಲ್ ವೆಂಕಟರಾಣ, ಚಲಪತಿ, ರಾಮ ಮೂರ್ತಿ, ಶಿವಣ್ಣ, ಹೊಳಲಿ ಕೃಷ್ಣಪ್ಪ, ಅಂಜಿನಪ್ಪ, ಪದ್ಮಾ ವರದಮ್ಮ, ಶಕುಂತಲಮ್ಮ, ಕಲಾವಿದರು ಉಪಸ್ಥಿತರಿದ್ದರು
ಹೊರಗುತ್ತಿಗೆ ನೌಕರರ ಖಾಯಂಗೊಳಿಸಲು ಸಾಧ್ಯವಿಲ್ಲ: ಸಂಸದ ಮಲ್ಲೇಶ್ ಬಾಬು
ಕೆಜಿಎಫ್: ಬಿಇಎಂಎಲ್ ಕಾರ್ಖಾನೆಯಲ್ಲಿ ಹೊರಗುತ್ತಿಗೆ ಆಧಾರದ ಮೇರೆಗೆ ನೀವು ಕೆಲಸ ಮಾಡುತ್ತಿದ್ದು, ನಿಮ್ಮನ್ನು ಖಾಯಂಗೊಳಿಸಲು ಸಾಧ್ಯವಾಗುವುದಿಲ್ಲ, ಆದರೆ ನಿಮ್ಮ ಇತರ ಬೇಡಿಕೆಗಳನ್ನು ಈಡೇರಿಸಲು ಬಿಇಎಂಎಲ್ ಸಿಎಂಡಿ ಜೊಂದಿಗೆ ಮಾತುಕತೆ ನಡೆಸಲಾಗುವುದು ಎಂದು ಸಂಸದ ಮಲ್ಲೇಶ್ ಬಾಬು ಹೇಳಿದರು. ನಾಡದ ಹೊರವಲಯದ ಫ್ಯಾನ್ ಲೈನ್ಸ್ ಬಳಿ ಕಳೆದ ಮೂರ್ನಾಲ್ಕು ದಿನಗಳಿಂದ ಅನಿರ್ದಿಷ್ಟಾವಧಿ ಮುಷ್ಕರ ನಡೆಸುತ್ತಿರುವ ಸ್ಥಳಕ್ಕೆ ಭೇಟಿ ನೀಡಿ ಮಾತನಾಡಿದರು. ನಿಮ್ಮನ್ನು ಖಾಯಂಗೊಳಿಸಲು ಮುಂದಾದರೆ ಇತರೆ ಸರ್ಕಾರಿ ಕಾರ್ಖಾನೆಗಳಲ್ಲಿ ಗುತ್ತಿಗೆ ಆಧಾರದಲ್ಲಿ ದುಡಿಯುತ್ತಿರುವ ಕಾರ್ಮಿಕರನ್ನು ಖಾಯಂಗೊಳಿಸಬೇಕಾಗುವುದರಿಂದ ಅದು ಸಾಧ್ಯವಾಗದ ಮಾತು ಎಂದು ಹೇಳಿದರು. ನಿಮಗೆ ಸುಳ್ಳು ಆಶ್ವಾಸನೆಗಳನ್ನು ನೀಡಿ ಹೋಗುವುದು ನನಗೆ ಇಷ್ಟವಾಗುವುದಿಲ್ಲ.
ಕಾರ್ಮಿಕರ ವೇತನವನ್ನು ಪರಿಷ್ಕರಣೆಗೊಳಿಸಬೇಕಿದ್ದು, ಹೊರಗುತ್ತಿಗೆ ಪಡೆದಿರುವ ಕಂಪನಿಯು ಅವರಿಗೆ ಕನಿಷ್ಠ ಸೌಲಭ್ಯಗಳನ್ನು ನೀಡಬೇಕಿದೆ ಎಂದು ಹೇಳಿದರು.
ಶಿಗ್ಗಾವ್ ಕ್ಷೇತ್ರಗಳಿಗೆ ವಿಧಾನ ಸಭಾ ಉಪಚುನಾವಣೆ ನಡೆಯುತ್ತಿರುವುದರಿಂದ ಚುನಾವಣೆ ಮುಗಿದ ಬಳಿಕ ಕಾರ್ಮಿಕರ ಸಮಸ್ಯೆಗಳನ್ನು ಬಗೆಹರಿಸಲು ಪ್ರಯತ್ನಿಸುವುದಾಗಿ ಭರವಸೆ ನೀಡಿದರು.
ಯಲುವಗುಳಿಯಲ್ಲಿ ಅಪರೂಪದ ಚಿಟ್ಟೆ
ಟೇಕಲ್: ಚಿಟ್ಟೆಗಳು ತನ್ನ ಬಣ್ಣಗಳಿಂದಲೇ ಹೆಸರುವಾಸಿಯಾಗಿವೆ. ನಮ್ಮ ಊಹೆಗೂ ನಿಲುಕದಷ್ಟು ಬಣ್ಣಗಳು ಚಿಟ್ಟೆಗಳ ಮೈಮೇಲಿವೆ. ಅದರಂತೆಯೇ ಟೇಕಲ್‌ನ ಯಲುವಗುಳಿಯ ಗ್ರಾಮದ ಕೀರ್ತಿ ಎಂಬುವರ ಮನೆಯಲ್ಲಿ ಕಾಣಸಿಗುತ್ತ ಬಣ್ಣದ ಚಿಟ್ಟೆಯೊಂದು ಅತಿಥಿಯಾಗಿ ಬಂದಿತ್ತು. ಮನೆಯಂಗಳಕ್ಕೆ ಇದ್ದ ಕ್ರಿಮಿಗಳ ಶುಭ ಚಿಟ್ಟೆಯು ಬಹಳ ಸುಂದರವಾಗಿತ್ತು. ಅದನ್ನು
ಕಂಡ ಕೀರ್ತಿ ಕುಟುಂಬಸ್ಥರು ಅದನ್ನು ಕೈಯಲ್ಲಿ ಹಿಡಿದು ಅದರ ಅಂದವನ್ನು ನೋಡಿದರು. ಇದೊಂದು ಅಪರೂಪದ ಚಿಟ್ಟೆಯಾಗಿದ್ದು ಅವರ ಮೊಬೈಲ್ ಕ್ಯಾಮೆರಾದಲ್ಲಿ ಕ್ಲಿಕ್ಕಿಸಿದರು. ಚಿಟ್ಟೆಯು ಎರಡು ಕಡೆ ರೆಕ್ಕೆಯಲ್ಲಿ ಕಾಣಸಿಗುತ್ತ ಬಿಳಿ ಕಲೆಯಿತ್ತು ಎರಡು ಕಣ್ಣು ಕಾವಿನ ಆಕಾರ ವಿದ್ದು ನೋಡಲು ಸುಂದರವಾಗಿತ್ತು. ಸ್ವಲ್ಪ ಸಮಯ ಮನೆಯಲ್ಲಿ ಹಾರಾಡಿದ ಚಿಟ್ಟೆಯು ನಂತರ ಹೊರಕ್ಕೆ ಹೋಯಿತು
